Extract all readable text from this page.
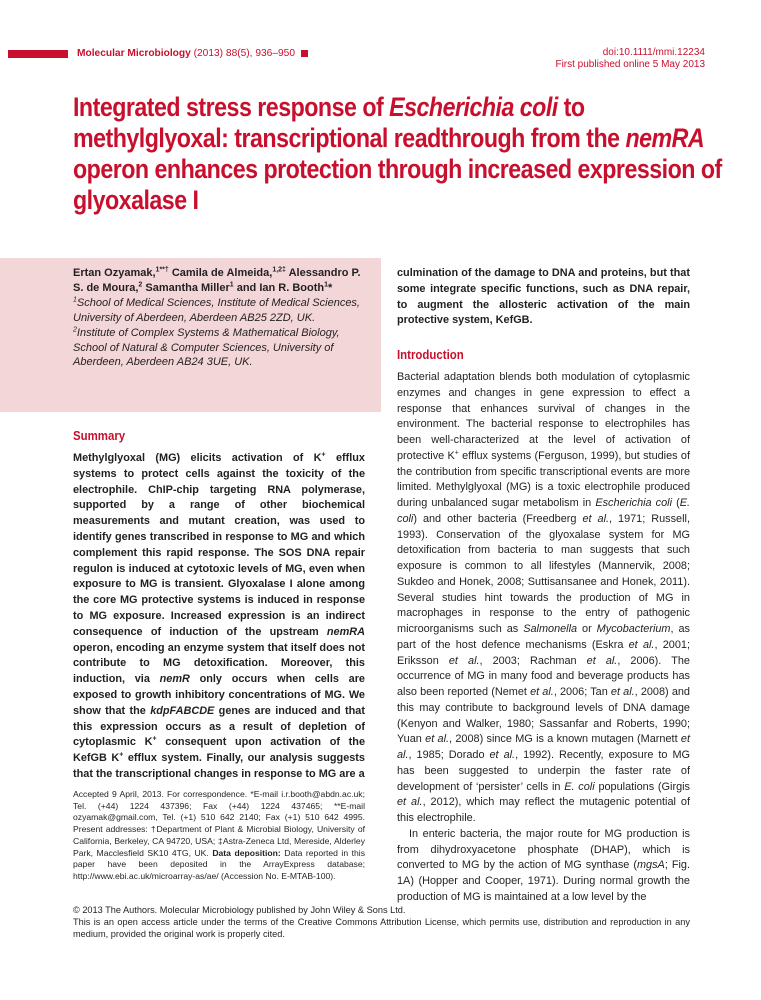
Molecular Microbiology (2013) 88(5), 936–950	doi:10.1111/mmi.12234
First published online 5 May 2013
Integrated stress response of Escherichia coli to methylglyoxal: transcriptional readthrough from the nemRA operon enhances protection through increased expression of glyoxalase I
Ertan Ozyamak,$^{1**\dagger}$ Camila de Almeida,$^{1,2\ddagger}$ Alessandro P. S. de Moura,$^2$ Samantha Miller$^1$ and Ian R. Booth$^1$*
$^1$School of Medical Sciences, Institute of Medical Sciences, University of Aberdeen, Aberdeen AB25 2ZD, UK.
$^2$Institute of Complex Systems & Mathematical Biology, School of Natural & Computer Sciences, University of Aberdeen, Aberdeen AB24 3UE, UK.
Summary

Methylglyoxal (MG) elicits activation of K+ efflux systems to protect cells against the toxicity of the electrophile. ChIP-chip targeting RNA polymerase, supported by a range of other biochemical measurements and mutant creation, was used to identify genes transcribed in response to MG and which complement this rapid response. The SOS DNA repair regulon is induced at cytotoxic levels of MG, even when exposure to MG is transient. Glyoxalase I alone among the core MG protective systems is induced in response to MG exposure. Increased expression is an indirect consequence of induction of the upstream nemRA operon, encoding an enzyme system that itself does not contribute to MG detoxification. Moreover, this induction, via nemR only occurs when cells are exposed to growth inhibitory concentrations of MG. We show that the kdpFABCDE genes are induced and that this expression occurs as a result of depletion of cytoplasmic K+ consequent upon activation of the KefGB K+ efflux system. Finally, our analysis suggests that the transcriptional changes in response to MG are a

Accepted 9 April, 2013. For correspondence. *E-mail i.r.booth@abdn.ac.uk; Tel. (+44) 1224 437396; Fax (+44) 1224 437465; **E-mail ozyamak@gmail.com, Tel. (+1) 510 642 2140; Fax (+1) 510 642 4995. Present addresses: †Department of Plant & Microbial Biology, University of California, Berkeley, CA 94720, USA; ‡Astra-Zeneca Ltd, Mereside, Alderley Park, Macclesfield SK10 4TG, UK. Data deposition: Data reported in this paper have been deposited in the ArrayExpress database; http://www.ebi.ac.uk/microarray-as/ae/ (Accession No. E-MTAB-100).

culmination of the damage to DNA and proteins, but that some integrate specific functions, such as DNA repair, to augment the allosteric activation of the main protective system, KefGB.

Introduction

Bacterial adaptation blends both modulation of cytoplasmic enzymes and changes in gene expression to effect a response that enhances survival of changes in the environment. The bacterial response to electrophiles has been well-characterized at the level of activation of protective K+ efflux systems (Ferguson, 1999), but studies of the contribution from specific transcriptional events are more limited. Methylglyoxal (MG) is a toxic electrophile produced during unbalanced sugar metabolism in Escherichia coli (E. coli) and other bacteria (Freedberg et al., 1971; Russell, 1993). Conservation of the glyoxalase system for MG detoxification from bacteria to man suggests that such exposure is common to all lifestyles (Mannervik, 2008; Sukdeo and Honek, 2008; Suttisansanee and Honek, 2011). Several studies hint towards the production of MG in macrophages in response to the entry of pathogenic microorganisms such as Salmonella or Mycobacterium, as part of the host defence mechanisms (Eskra et al., 2001; Eriksson et al., 2003; Rachman et al., 2006). The occurrence of MG in many food and beverage products has also been reported (Nemet et al., 2006; Tan et al., 2008) and this may contribute to background levels of DNA damage (Kenyon and Walker, 1980; Sassanfar and Roberts, 1990; Yuan et al., 2008) since MG is a known mutagen (Marnett et al., 1985; Dorado et al., 1992). Recently, exposure to MG has been suggested to underpin the faster rate of development of ‘persister’ cells in E. coli populations (Girgis et al., 2012), which may reflect the mutagenic potential of this electrophile.

In enteric bacteria, the major route for MG production is from dihydroxyacetone phosphate (DHAP), which is converted to MG by the action of MG synthase (mgsA; Fig. 1A) (Hopper and Cooper, 1971). During normal growth the production of MG is maintained at a low level by the

© 2013 The Authors. Molecular Microbiology published by John Wiley & Sons Ltd.
This is an open access article under the terms of the Creative Commons Attribution License, which permits use, distribution and reproduction in any medium, provided the original work is properly cited.
